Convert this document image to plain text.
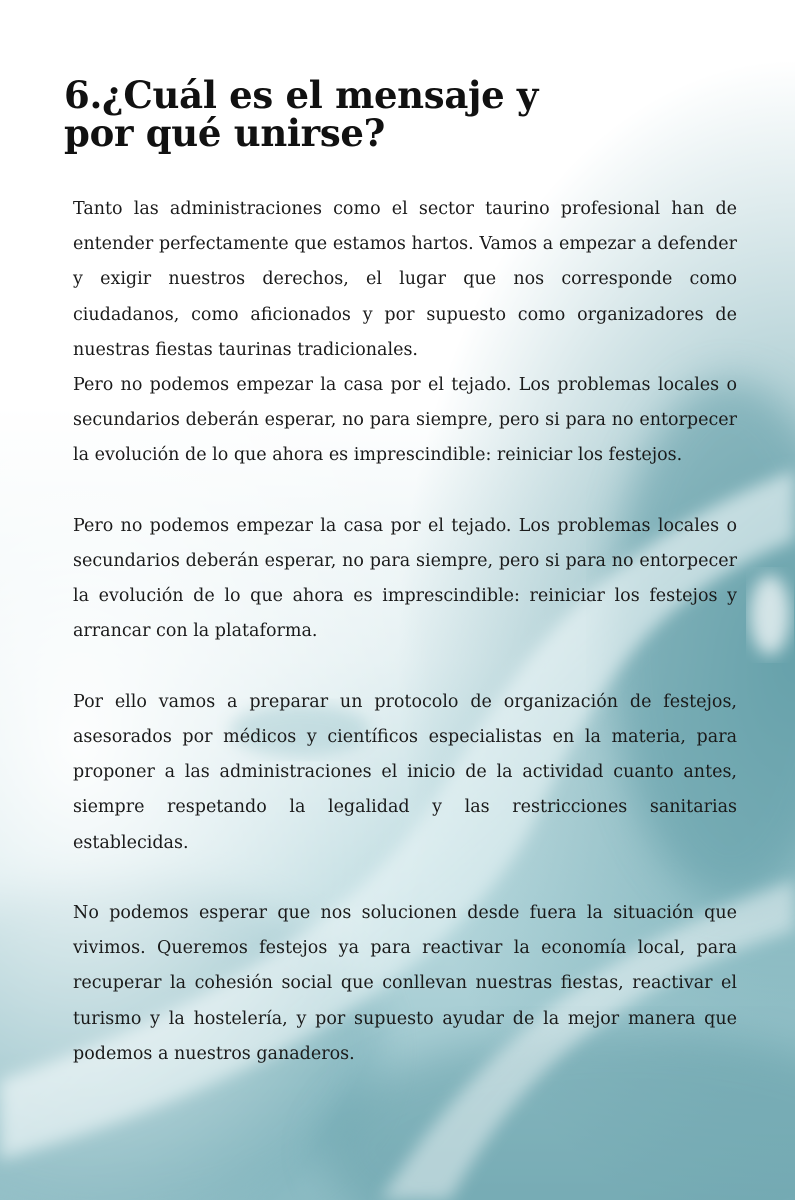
6.¿Cuál es el mensaje y
por qué unirse?

Tanto las administraciones como el sector taurino profesional han de entender perfectamente que estamos hartos. Vamos a empezar a defender y exigir nuestros derechos, el lugar que nos corresponde como ciudadanos, como aficionados y por supuesto como organizadores de nuestras fiestas taurinas tradicionales.

Pero no podemos empezar la casa por el tejado. Los problemas locales o secundarios deberán esperar, no para siempre, pero si para no entorpecer la evolución de lo que ahora es imprescindible: reiniciar los festejos.

Pero no podemos empezar la casa por el tejado. Los problemas locales o secundarios deberán esperar, no para siempre, pero si para no entorpecer la evolución de lo que ahora es imprescindible: reiniciar los festejos y arrancar con la plataforma.

Por ello vamos a preparar un protocolo de organización de festejos, asesorados por médicos y científicos especialistas en la materia, para proponer a las administraciones el inicio de la actividad cuanto antes, siempre respetando la legalidad y las restricciones sanitarias establecidas.

No podemos esperar que nos solucionen desde fuera la situación que vivimos. Queremos festejos ya para reactivar la economía local, para recuperar la cohesión social que conllevan nuestras fiestas, reactivar el turismo y la hostelería, y por supuesto ayudar de la mejor manera que podemos a nuestros ganaderos.
